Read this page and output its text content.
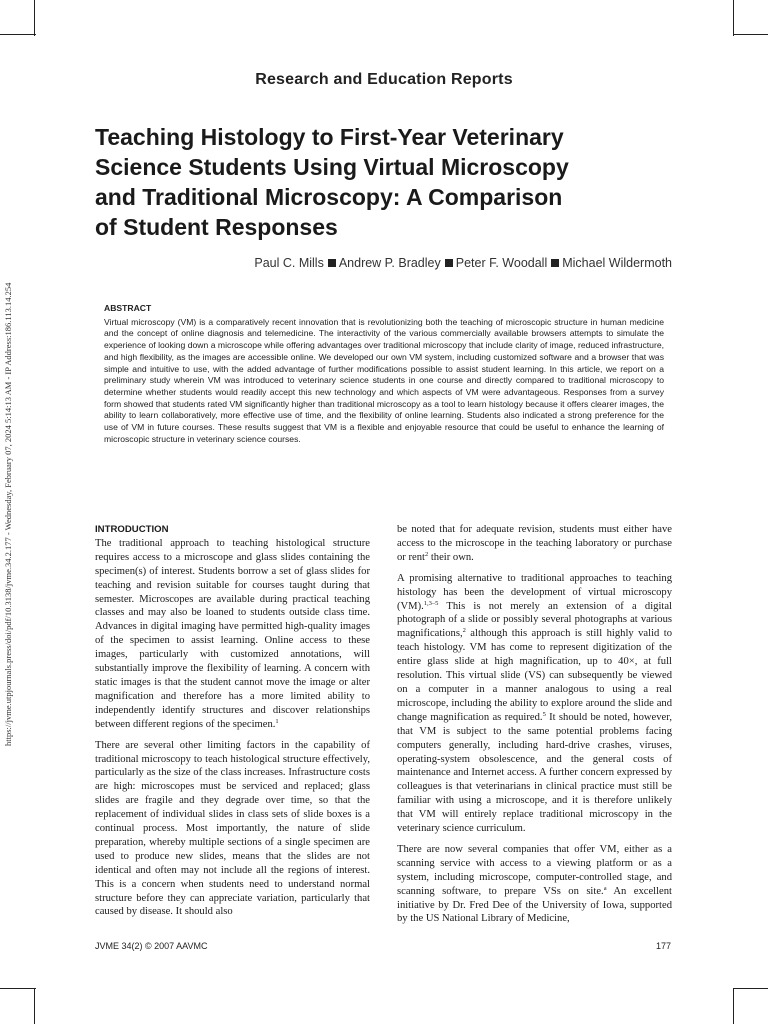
https://jvme.utpjournals.press/doi/pdf/10.3138/jvme.34.2.177 - Wednesday, February 07, 2024 5:14:13 AM - IP Address:186.113.14.254
Research and Education Reports
Teaching Histology to First-Year Veterinary
Science Students Using Virtual Microscopy
and Traditional Microscopy: A Comparison
of Student Responses
Paul C. Mills Andrew P. Bradley Peter F. Woodall Michael Wildermoth
ABSTRACT
Virtual microscopy (VM) is a comparatively recent innovation that is revolutionizing both the teaching of microscopic structure in human medicine and the concept of online diagnosis and telemedicine. The interactivity of the various commercially available browsers attempts to simulate the experience of looking down a microscope while offering advantages over traditional microscopy that include clarity of image, reduced infrastructure, and high flexibility, as the images are accessible online. We developed our own VM system, including customized software and a browser that was simple and intuitive to use, with the added advantage of further modifications possible to assist student learning. In this article, we report on a preliminary study wherein VM was introduced to veterinary science students in one course and directly compared to traditional microscopy to determine whether students would readily accept this new technology and which aspects of VM were advantageous. Responses from a survey form showed that students rated VM significantly higher than traditional microscopy as a tool to learn histology because it offers clearer images, the ability to learn collaboratively, more effective use of time, and the flexibility of online learning. Students also indicated a strong preference for the use of VM in future courses. These results suggest that VM is a flexible and enjoyable resource that could be useful to enhance the learning of microscopic structure in veterinary science courses.
INTRODUCTION

The traditional approach to teaching histological structure requires access to a microscope and glass slides containing the specimen(s) of interest. Students borrow a set of glass slides for teaching and revision suitable for courses taught during that semester. Microscopes are available during practical teaching classes and may also be loaned to students outside class time. Advances in digital imaging have permitted high-quality images of the specimen to assist learning. Online access to these images, particularly with customized annotations, will substantially improve the flexibility of learning. A concern with static images is that the student cannot move the image or alter magnification and therefore has a more limited ability to independently identify structures and discover relationships between different regions of the specimen.$^1$

There are several other limiting factors in the capability of traditional microscopy to teach histological structure effectively, particularly as the size of the class increases. Infrastructure costs are high: microscopes must be serviced and replaced; glass slides are fragile and they degrade over time, so that the replacement of individual slides in class sets of slide boxes is a continual process. Most importantly, the nature of slide preparation, whereby multiple sections of a single specimen are used to produce new slides, means that the slides are not identical and often may not include all the regions of interest. This is a concern when students need to understand normal structure before they can appreciate variation, particularly that caused by disease. It should also

be noted that for adequate revision, students must either have access to the microscope in the teaching laboratory or purchase or rent$^2$ their own.

A promising alternative to traditional approaches to teaching histology has been the development of virtual microscopy (VM).$^{1,3-5}$ This is not merely an extension of a digital photograph of a slide or possibly several photographs at various magnifications,$^2$ although this approach is still highly valid to teach histology. VM has come to represent digitization of the entire glass slide at high magnification, up to 40×, at full resolution. This virtual slide (VS) can subsequently be viewed on a computer in a manner analogous to using a real microscope, including the ability to explore around the slide and change magnification as required.$^5$ It should be noted, however, that VM is subject to the same potential problems facing computers generally, including hard-drive crashes, viruses, operating-system obsolescence, and the general costs of maintenance and Internet access. A further concern expressed by colleagues is that veterinarians in clinical practice must still be familiar with using a microscope, and it is therefore unlikely that VM will entirely replace traditional microscopy in the veterinary science curriculum.

There are now several companies that offer VM, either as a scanning service with access to a viewing platform or as a system, including microscope, computer-controlled stage, and scanning software, to prepare VSs on site.$^a$ An excellent initiative by Dr. Fred Dee of the University of Iowa, supported by the US National Library of Medicine,

JVME 34(2) © 2007 AAVMC	177
